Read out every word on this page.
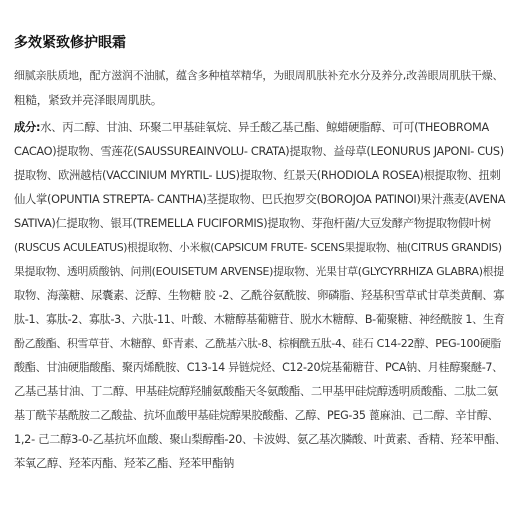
多效紧致修护眼霜
细腻亲肤质地，配方滋润不油腻，蕴含多种植萃精华，为眼周肌肤补充水分及养分,改善眼周肌肤干燥、
粗糙，紧致并亮泽眼周肌肤。
成分:水、丙二醇、甘油、环聚二甲基硅氧烷、异壬酸乙基己酯、鲸蜡硬脂醇、可可(THEOBROMA
CACAO)提取物、雪莲花(SAUSSUREAINVOLU- CRATA)提取物、益母草(LEONURUS JAPONI- CUS)
提取物、欧洲越桔(VACCINIUM MYRTIL- LUS)提取物、红景天(RHODIOLA ROSEA)根提取物、扭刺
仙人掌(OPUNTIA STREPTA- CANTHA)茎提取物、巴氏抱罗交(BOROJOA PATINOI)果汁燕麦(AVENA
SATIVA)仁提取物、银耳(TREMELLA FUCIFORMIS)提取物、芽孢杆菌/大豆发酵产物提取物假叶树
(RUSCUS ACULEATUS)根提取物、小米椒(CAPSICUM FRUTE- SCENS果提取物、柚(CITRUS GRANDIS)
果提取物、透明质酸钠、问荆(EOUISETUM ARVENSE)提取物、光果甘草(GLYCYRRHIZA GLABRA)根提
取物、海藻糖、尿囊素、泛醇、生物糖 胶 -2、乙酰谷氨酰胺、卵磷脂、羟基积雪草甙甘草类黄酮、寡
肽-1、寡肽-2、寡肽-3、六肽-11、叶酸、木糖醇基葡糖苷、脱水木糖醇、B-葡聚糖、神经酰胺 1、生育
酚乙酸酯、积雪草苷、木糖醇、虾青素、乙酰基六肽-8、棕榈酰五肽-4、硅石 C14-22醇、PEG-100硬脂
酸酯、甘油硬脂酸酯、聚丙烯酰胺、C13-14 异链烷烃、C12-20烷基葡糖苷、PCA钠、月桂醇聚醚-7、
乙基己基甘油、丁二醇、甲基硅烷醇羟脯氨酸酯天冬氨酸酯、二甲基甲硅烷醇透明质酸酯、二肽二氨
基丁酰苄基酰胺二乙酸盐、抗坏血酸甲基硅烷醇果胶酸酯、乙醇、PEG-35 蓖麻油、己二醇、辛甘醇、
1,2- 己二醇3-0-乙基抗坏血酸、聚山梨醇酯-20、卡波姆、氨乙基次膦酸、叶黄素、香精、羟苯甲酯、
苯氧乙醇、羟苯丙酯、羟苯乙酯、羟苯甲酯钠
